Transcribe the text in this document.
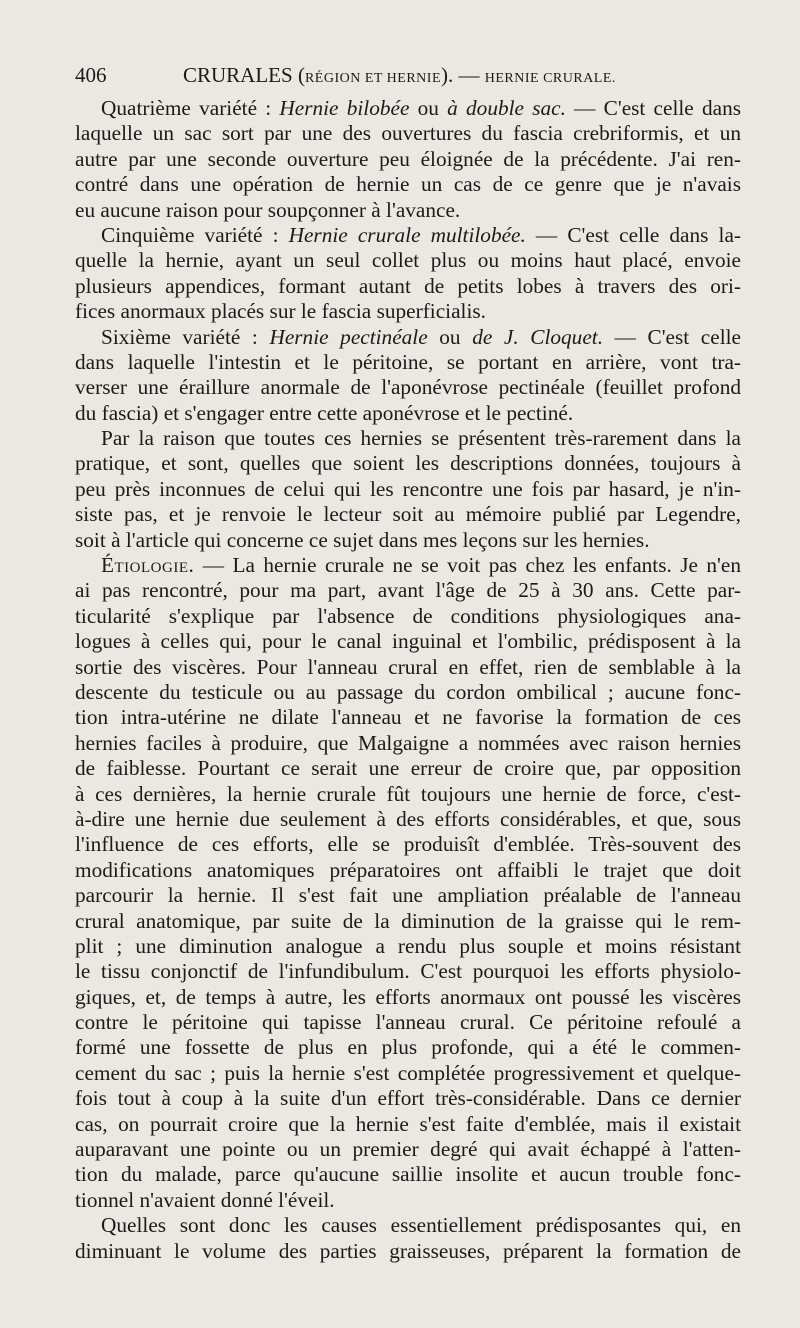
406	CRURALES (RÉGION ET HERNIE). — HERNIE CRURALE.
Quatrième variété : Hernie bilobée ou à double sac. — C'est celle dans
laquelle un sac sort par une des ouvertures du fascia crebriformis, et un
autre par une seconde ouverture peu éloignée de la précédente. J'ai ren-
contré dans une opération de hernie un cas de ce genre que je n'avais
eu aucune raison pour soupçonner à l'avance.
Cinquième variété : Hernie crurale multilobée. — C'est celle dans la-
quelle la hernie, ayant un seul collet plus ou moins haut placé, envoie
plusieurs appendices, formant autant de petits lobes à travers des ori-
fices anormaux placés sur le fascia superficialis.
Sixième variété : Hernie pectinéale ou de J. Cloquet. — C'est celle
dans laquelle l'intestin et le péritoine, se portant en arrière, vont tra-
verser une éraillure anormale de l'aponévrose pectinéale (feuillet profond
du fascia) et s'engager entre cette aponévrose et le pectiné.
Par la raison que toutes ces hernies se présentent très-rarement dans la
pratique, et sont, quelles que soient les descriptions données, toujours à
peu près inconnues de celui qui les rencontre une fois par hasard, je n'in-
siste pas, et je renvoie le lecteur soit au mémoire publié par Legendre,
soit à l'article qui concerne ce sujet dans mes leçons sur les hernies.
Étiologie. — La hernie crurale ne se voit pas chez les enfants. Je n'en
ai pas rencontré, pour ma part, avant l'âge de 25 à 30 ans. Cette par-
ticularité s'explique par l'absence de conditions physiologiques ana-
logues à celles qui, pour le canal inguinal et l'ombilic, prédisposent à la
sortie des viscères. Pour l'anneau crural en effet, rien de semblable à la
descente du testicule ou au passage du cordon ombilical ; aucune fonc-
tion intra-utérine ne dilate l'anneau et ne favorise la formation de ces
hernies faciles à produire, que Malgaigne a nommées avec raison hernies
de faiblesse. Pourtant ce serait une erreur de croire que, par opposition
à ces dernières, la hernie crurale fût toujours une hernie de force, c'est-
à-dire une hernie due seulement à des efforts considérables, et que, sous
l'influence de ces efforts, elle se produisît d'emblée. Très-souvent des
modifications anatomiques préparatoires ont affaibli le trajet que doit
parcourir la hernie. Il s'est fait une ampliation préalable de l'anneau
crural anatomique, par suite de la diminution de la graisse qui le rem-
plit ; une diminution analogue a rendu plus souple et moins résistant
le tissu conjonctif de l'infundibulum. C'est pourquoi les efforts physiolo-
giques, et, de temps à autre, les efforts anormaux ont poussé les viscères
contre le péritoine qui tapisse l'anneau crural. Ce péritoine refoulé a
formé une fossette de plus en plus profonde, qui a été le commen-
cement du sac ; puis la hernie s'est complétée progressivement et quelque-
fois tout à coup à la suite d'un effort très-considérable. Dans ce dernier
cas, on pourrait croire que la hernie s'est faite d'emblée, mais il existait
auparavant une pointe ou un premier degré qui avait échappé à l'atten-
tion du malade, parce qu'aucune saillie insolite et aucun trouble fonc-
tionnel n'avaient donné l'éveil.
Quelles sont donc les causes essentiellement prédisposantes qui, en
diminuant le volume des parties graisseuses, préparent la formation de
